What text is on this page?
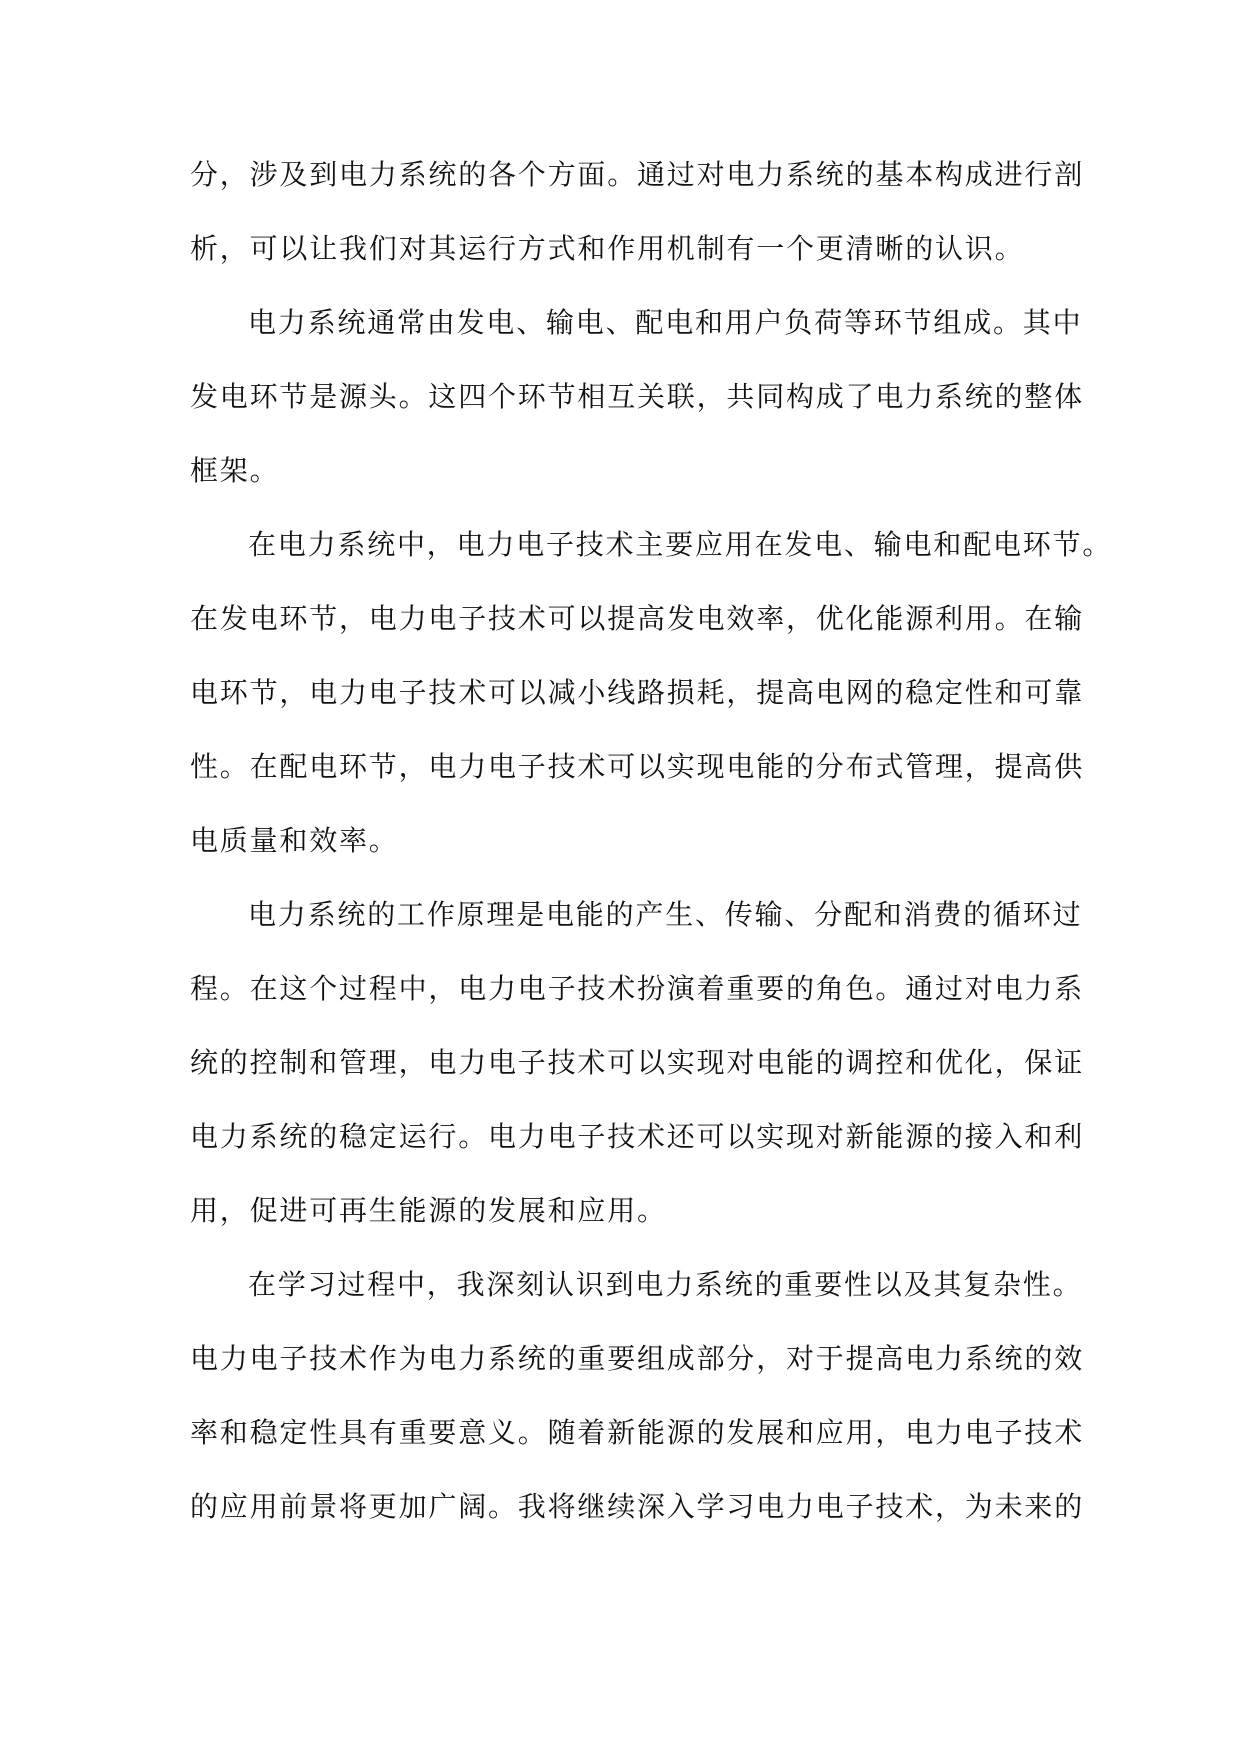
分，涉及到电力系统的各个方面。通过对电力系统的基本构成进行剖
析，可以让我们对其运行方式和作用机制有一个更清晰的认识。
电力系统通常由发电、输电、配电和用户负荷等环节组成。其中
发电环节是源头。这四个环节相互关联，共同构成了电力系统的整体
框架。
在电力系统中，电力电子技术主要应用在发电、输电和配电环节。
在发电环节，电力电子技术可以提高发电效率，优化能源利用。在输
电环节，电力电子技术可以减小线路损耗，提高电网的稳定性和可靠
性。在配电环节，电力电子技术可以实现电能的分布式管理，提高供
电质量和效率。
电力系统的工作原理是电能的产生、传输、分配和消费的循环过
程。在这个过程中，电力电子技术扮演着重要的角色。通过对电力系
统的控制和管理，电力电子技术可以实现对电能的调控和优化，保证
电力系统的稳定运行。电力电子技术还可以实现对新能源的接入和利
用，促进可再生能源的发展和应用。
在学习过程中，我深刻认识到电力系统的重要性以及其复杂性。
电力电子技术作为电力系统的重要组成部分，对于提高电力系统的效
率和稳定性具有重要意义。随着新能源的发展和应用，电力电子技术
的应用前景将更加广阔。我将继续深入学习电力电子技术，为未来的
